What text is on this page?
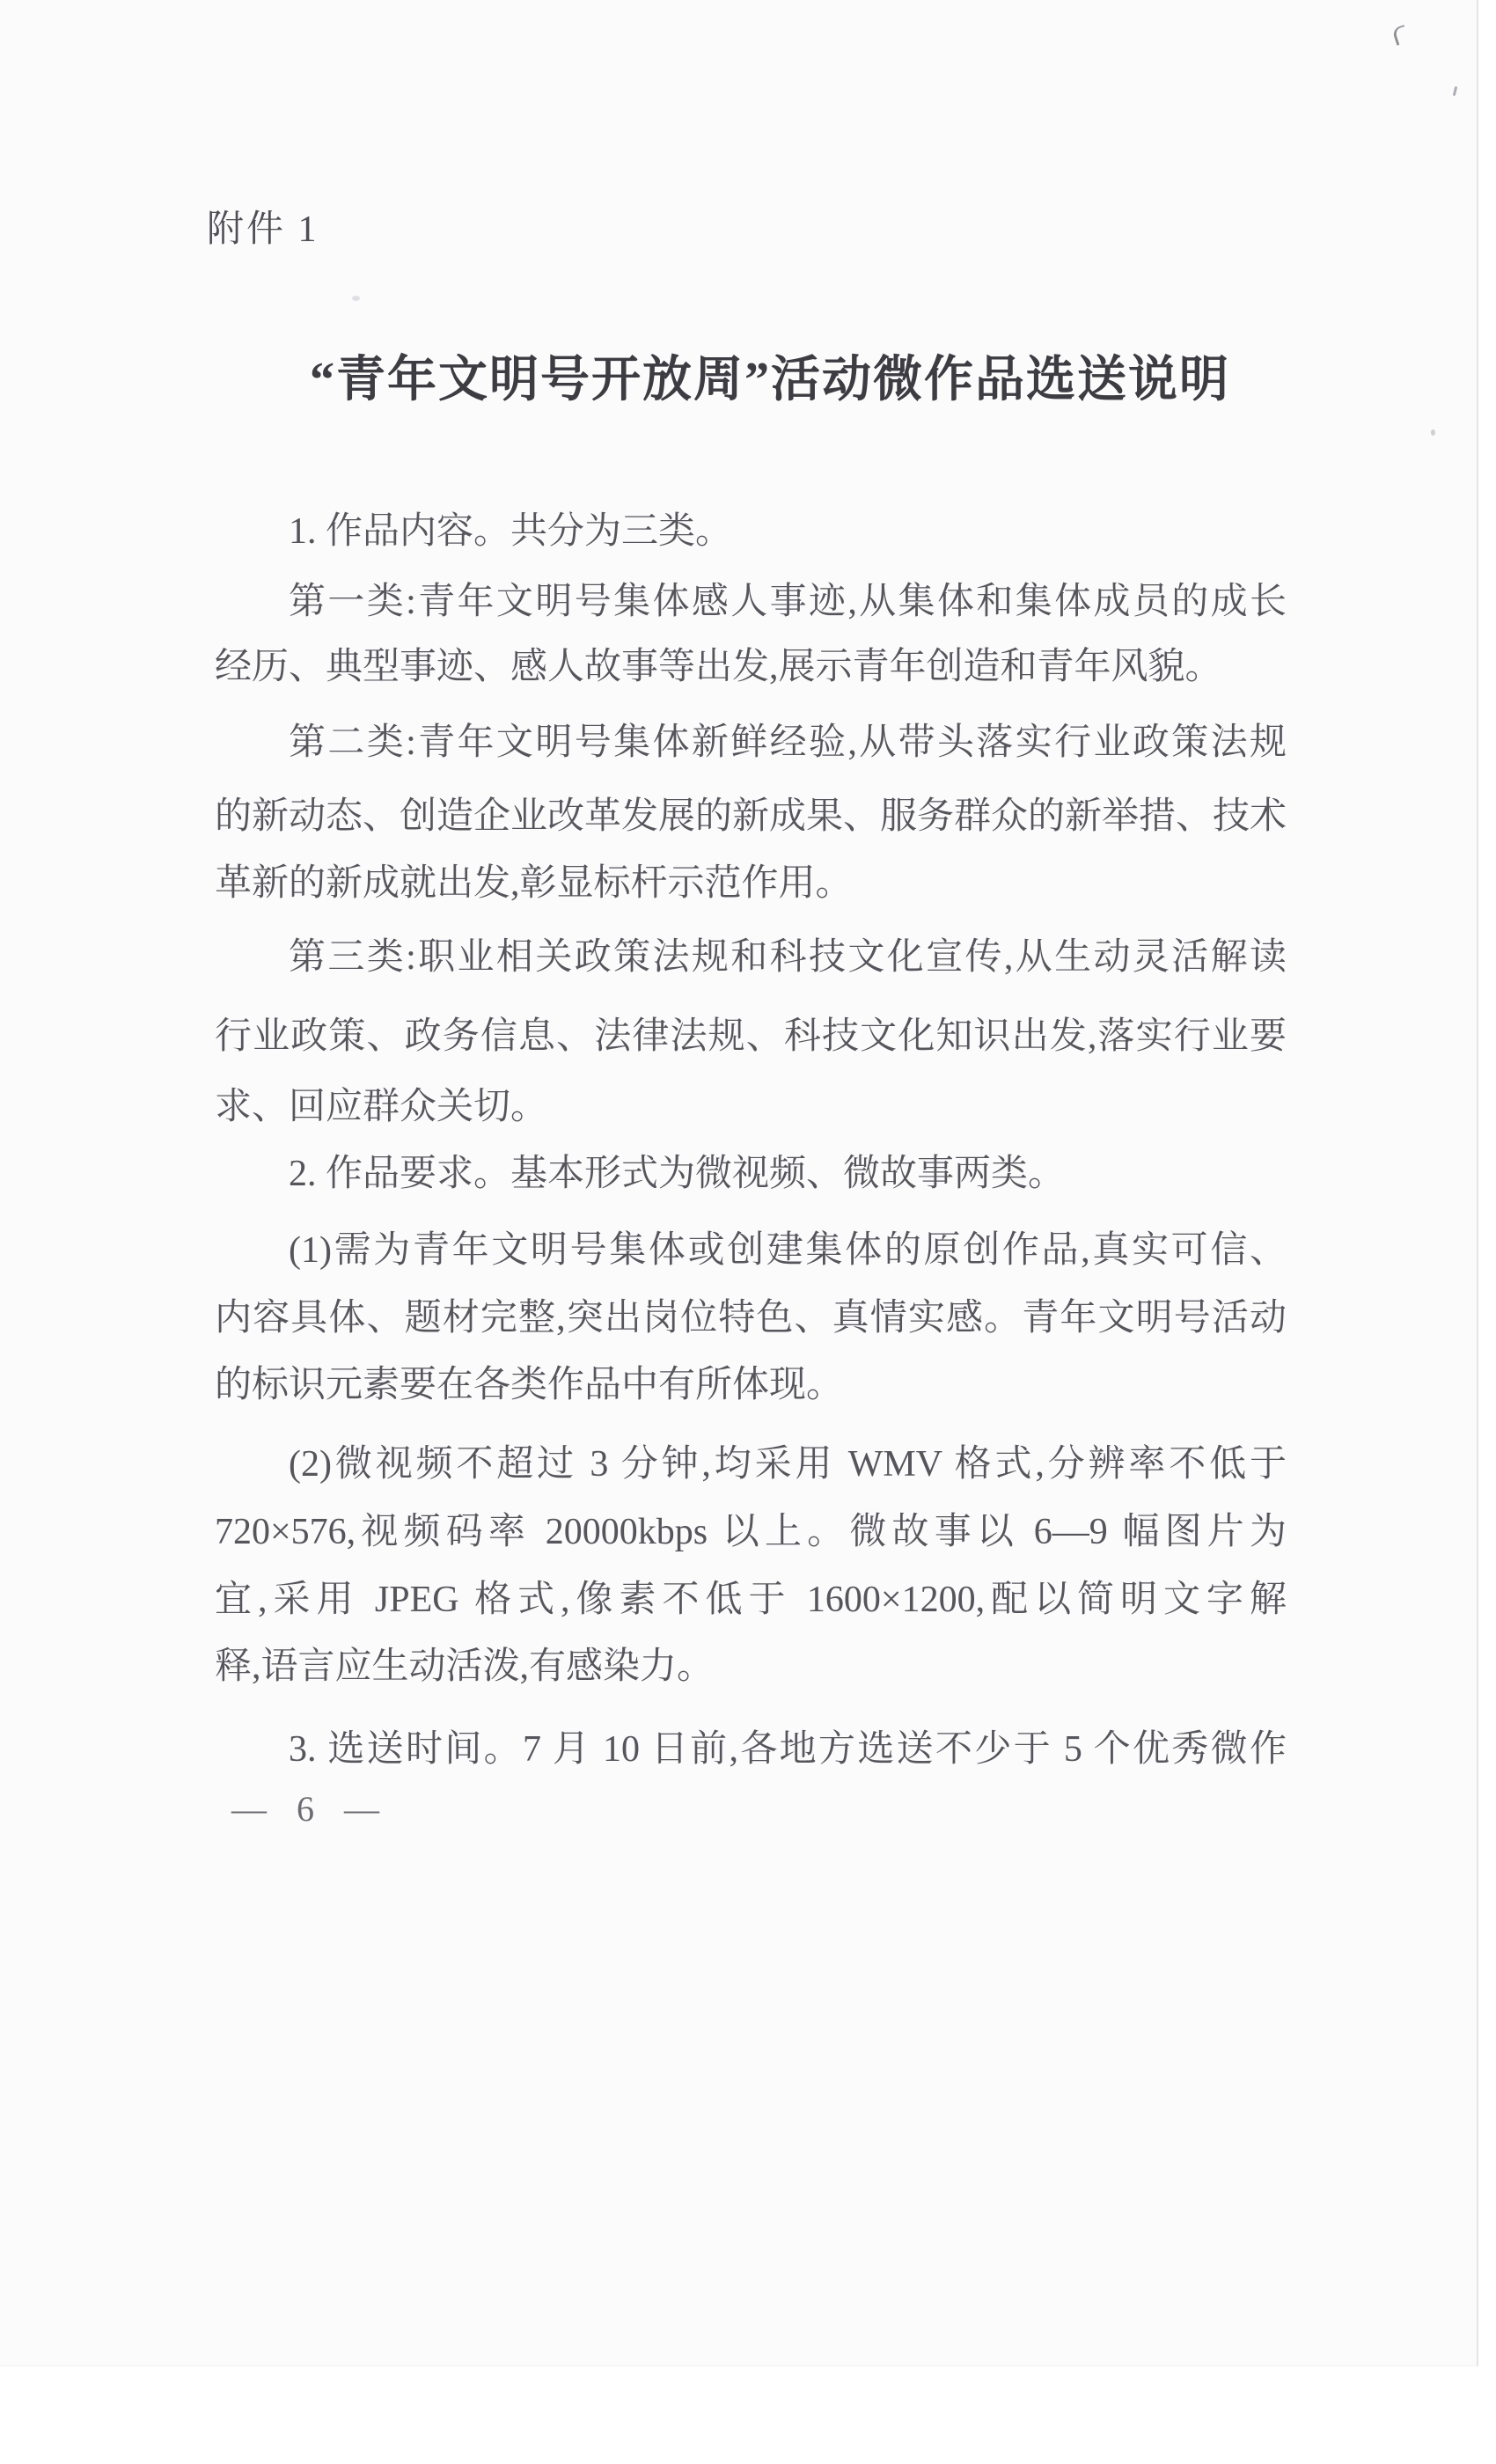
附件 1
“青年文明号开放周”活动微作品选送说明
1. 作品内容。共分为三类。
第一类:青年文明号集体感人事迹,从集体和集体成员的成长
经历、典型事迹、感人故事等出发,展示青年创造和青年风貌。
第二类:青年文明号集体新鲜经验,从带头落实行业政策法规
的新动态、创造企业改革发展的新成果、服务群众的新举措、技术
革新的新成就出发,彰显标杆示范作用。
第三类:职业相关政策法规和科技文化宣传,从生动灵活解读
行业政策、政务信息、法律法规、科技文化知识出发,落实行业要
求、回应群众关切。
2. 作品要求。基本形式为微视频、微故事两类。
(1)需为青年文明号集体或创建集体的原创作品,真实可信、
内容具体、题材完整,突出岗位特色、真情实感。青年文明号活动
的标识元素要在各类作品中有所体现。
(2)微视频不超过 3 分钟,均采用 WMV 格式,分辨率不低于
720×576,视频码率 20000kbps 以上。微故事以 6—9 幅图片为
宜,采用 JPEG 格式,像素不低于 1600×1200,配以简明文字解
释,语言应生动活泼,有感染力。
3. 选送时间。7 月 10 日前,各地方选送不少于 5 个优秀微作
— 6 —
